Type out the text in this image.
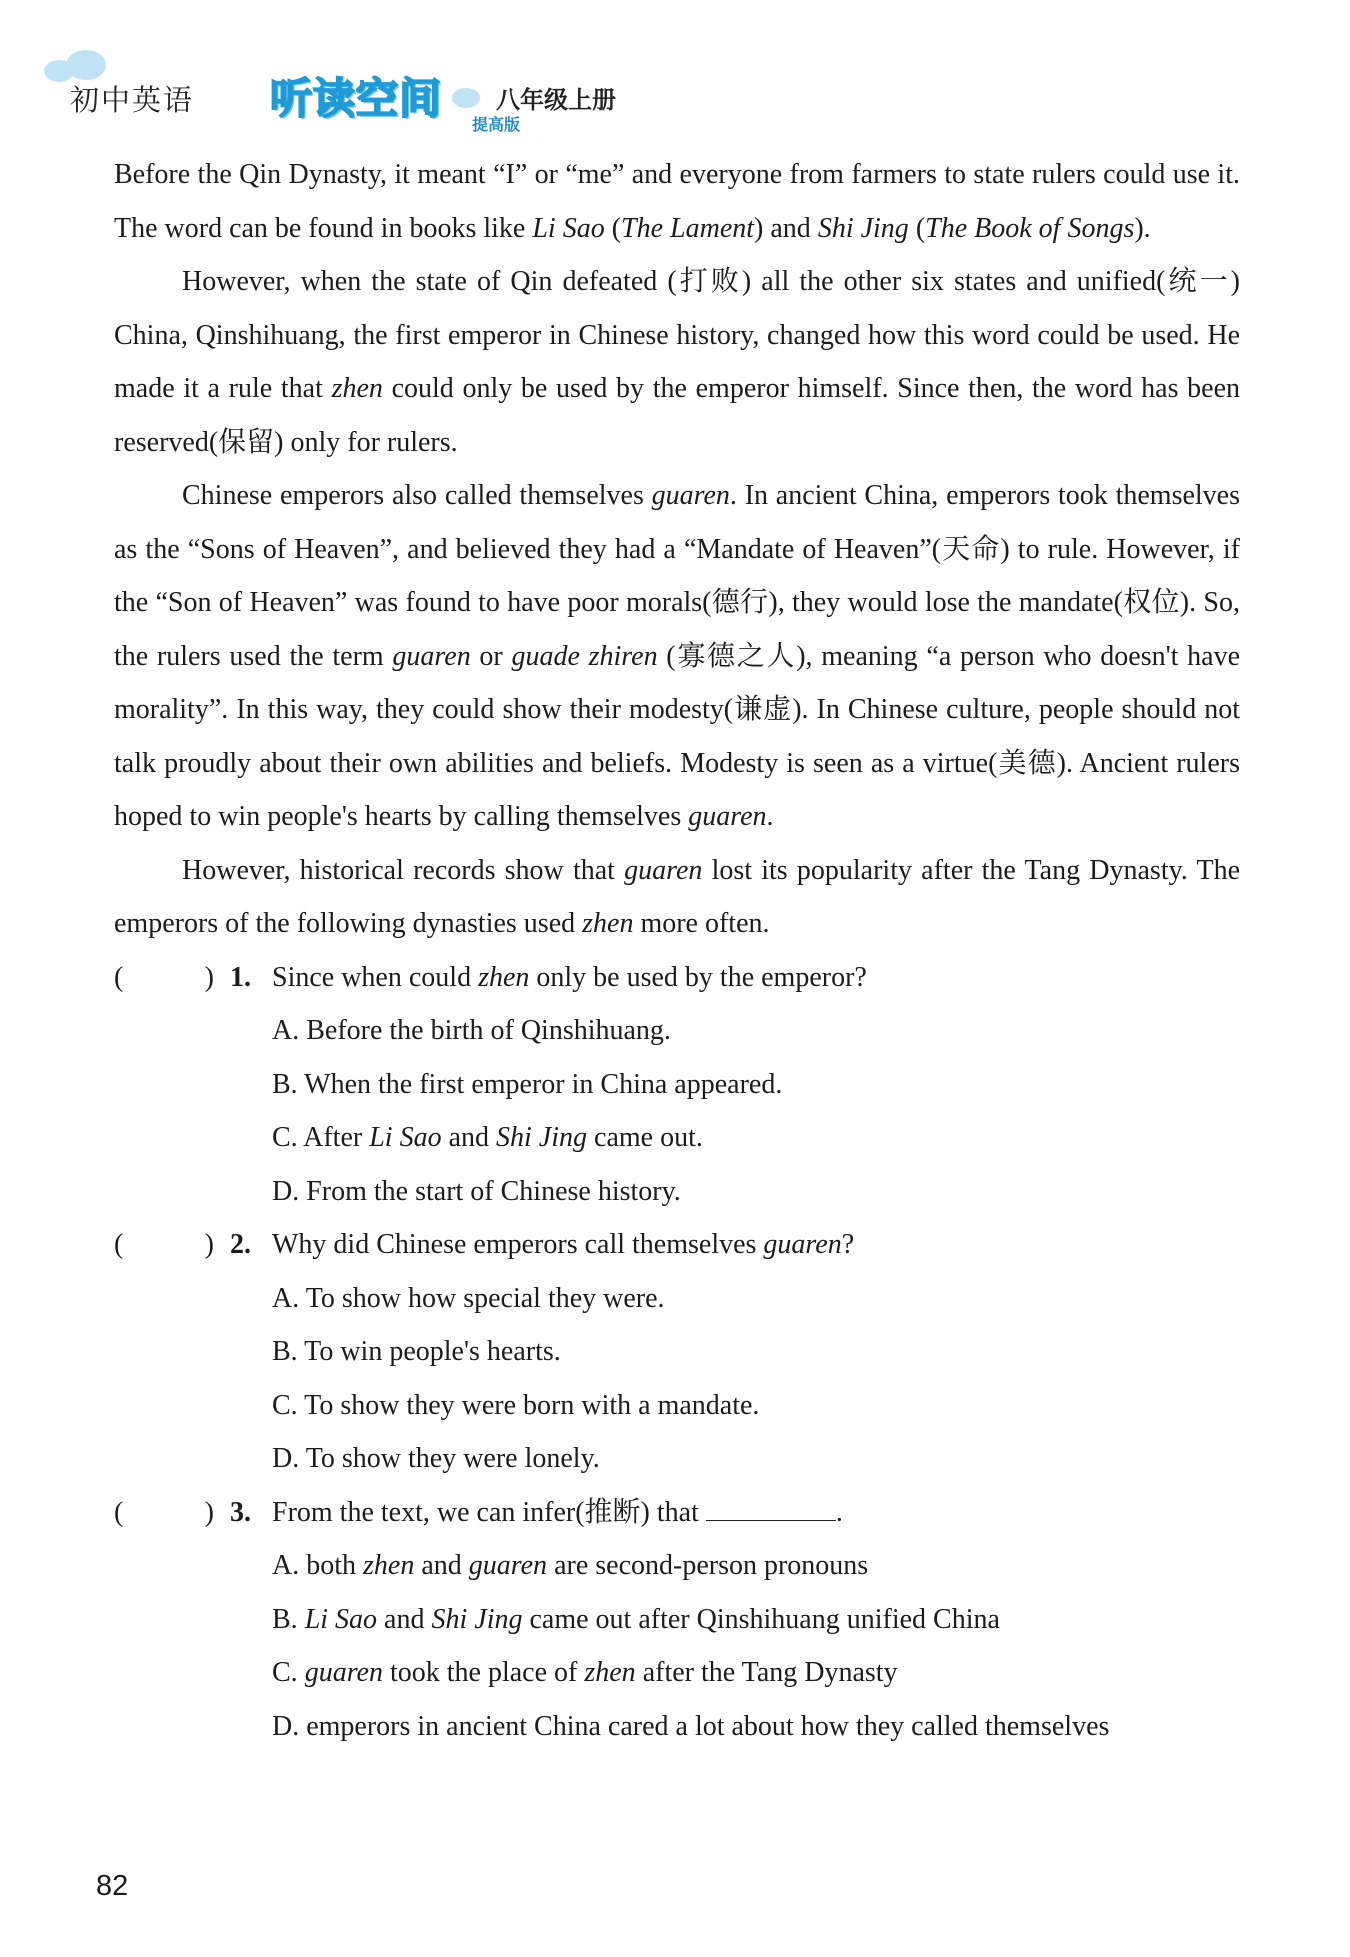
初中英语 听读空间
提高版
八年级上册

Before the Qin Dynasty, it meant “I” or “me” and everyone from farmers to state rulers could use it. The word can be found in books like Li Sao (The Lament) and Shi Jing (The Book of Songs).

However, when the state of Qin defeated (打败) all the other six states and unified(统一) China, Qinshihuang, the first emperor in Chinese history, changed how this word could be used. He made it a rule that zhen could only be used by the emperor himself. Since then, the word has been reserved(保留) only for rulers.

Chinese emperors also called themselves guaren. In ancient China, emperors took themselves as the “Sons of Heaven”, and believed they had a “Mandate of Heaven”(天命) to rule. However, if the “Son of Heaven” was found to have poor morals(德行), they would lose the mandate(权位). So, the rulers used the term guaren or guade zhiren (寡德之人), meaning “a person who doesn't have morality”. In this way, they could show their modesty(谦虚). In Chinese culture, people should not talk proudly about their own abilities and beliefs. Modesty is seen as a virtue(美德). Ancient rulers hoped to win people's hearts by calling themselves guaren.

However, historical records show that guaren lost its popularity after the Tang Dynasty. The emperors of the following dynasties used zhen more often.

(	) 1. Since when could zhen only be used by the emperor?

A. Before the birth of Qinshihuang.

B. When the first emperor in China appeared.

C. After Li Sao and Shi Jing came out.

D. From the start of Chinese history.

(	) 2. Why did Chinese emperors call themselves guaren?

A. To show how special they were.

B. To win people's hearts.

C. To show they were born with a mandate.

D. To show they were lonely.

(	) 3. From the text, we can infer(推断) that	.

A. both zhen and guaren are second-person pronouns

B. Li Sao and Shi Jing came out after Qinshihuang unified China

C. guaren took the place of zhen after the Tang Dynasty

D. emperors in ancient China cared a lot about how they called themselves

82
